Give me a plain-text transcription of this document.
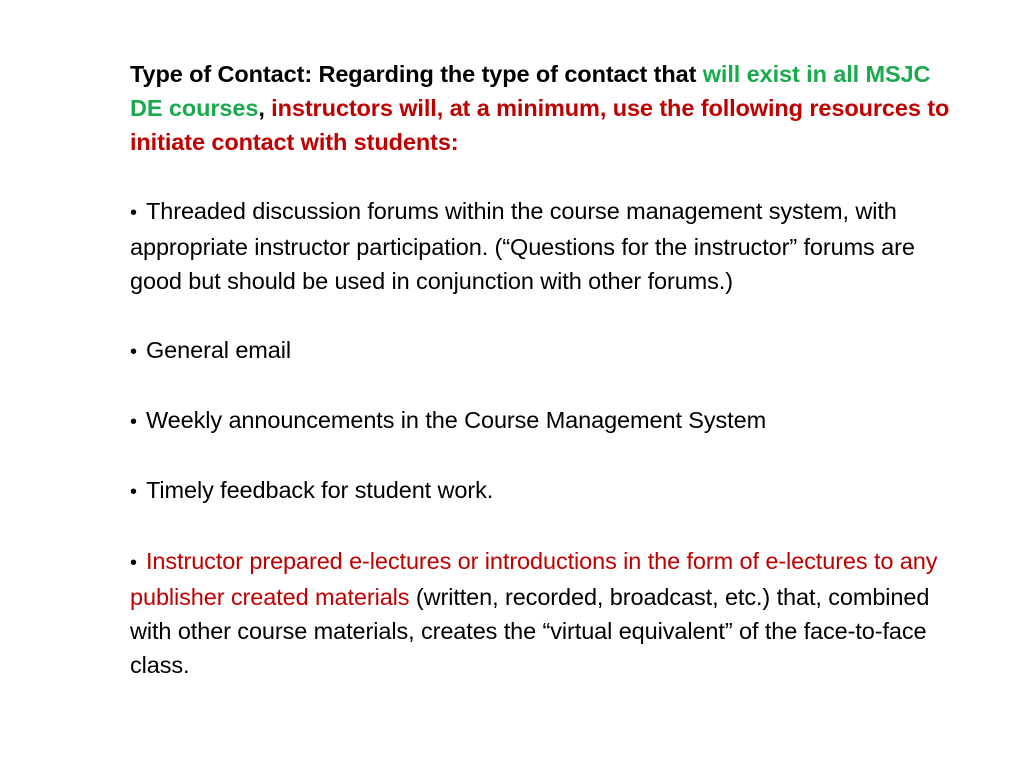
Type of Contact: Regarding the type of contact that will exist in all MSJC DE courses, instructors will, at a minimum, use the following resources to initiate contact with students:

• Threaded discussion forums within the course management system, with appropriate instructor participation. (“Questions for the instructor” forums are good but should be used in conjunction with other forums.)

• General email

• Weekly announcements in the Course Management System

• Timely feedback for student work.

• Instructor prepared e-lectures or introductions in the form of e-lectures to any publisher created materials (written, recorded, broadcast, etc.) that, combined with other course materials, creates the “virtual equivalent” of the face-to-face class.
